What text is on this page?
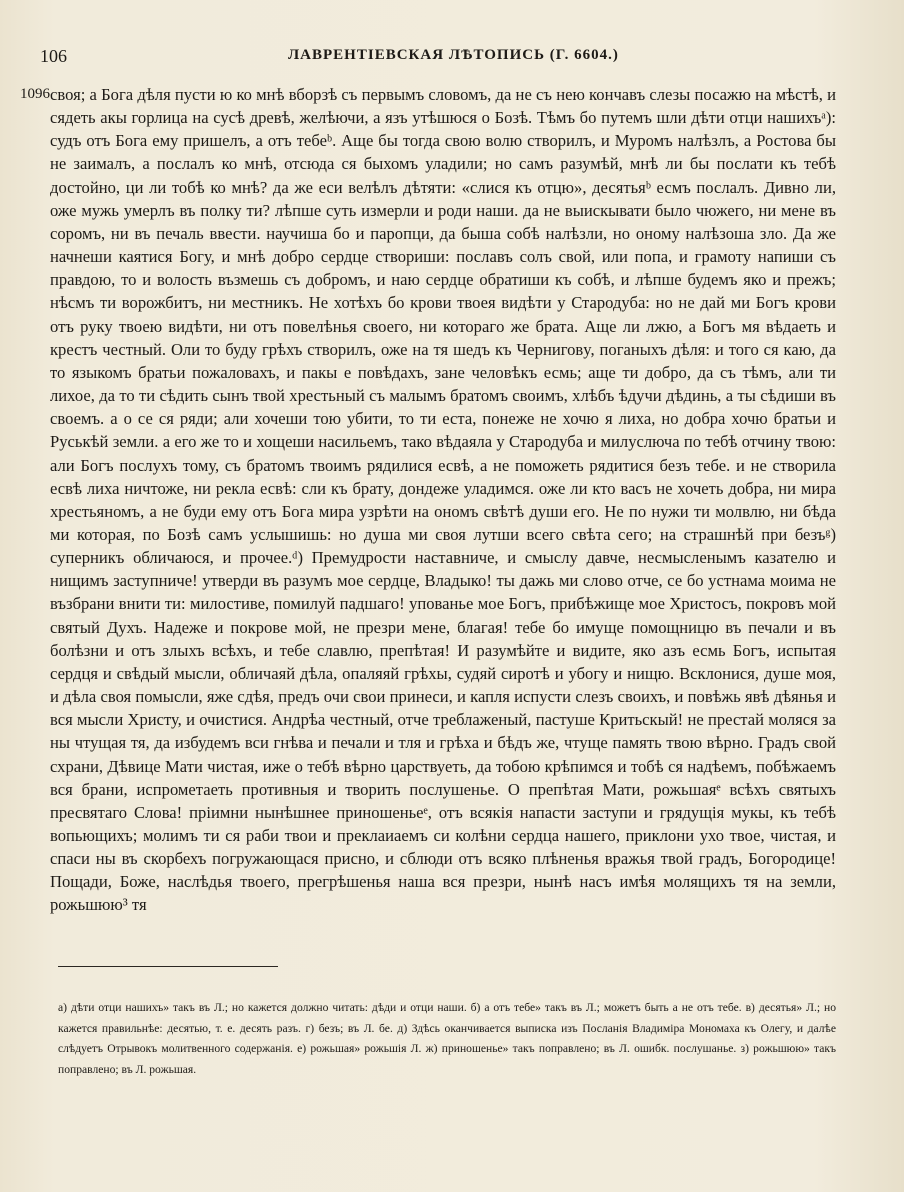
106	ЛАВРЕНТІЕВСКАЯ ЛѢТОПИСЬ (Г. 6604.)
1096 своя; а Бога дѣля пусти ю ко мнѣ вборзѣ съ первымъ словомъ, да не съ нею кончавъ слезы посажю на мѣстѣ, и сядеть акы горлица на сусѣ древѣ, желѣючи, а язъ утѣшюся о Бозѣ. Тѣмъ бо путемъ шли дѣти отци нашихъᵃ): судъ отъ Бога ему пришелъ, а отъ тебеᵇ. Аще бы тогда свою волю створилъ, и Муромъ налѣзлъ, а Ростова бы не заималъ, а послалъ ко мнѣ, отсюда ся быхомъ уладили; но самъ разумѣй, мнѣ ли бы послати къ тебѣ достойно, ци ли тобѣ ко мнѣ? да же еси велѣлъ дѣтяти: «слися къ отцю», десятьяᵇ есмъ послалъ. Дивно ли, оже мужь умерлъ въ полку ти? лѣпше суть измерли и роди наши. да не выискывати было чюжего, ни мене въ соромъ, ни въ печаль ввести. научиша бо и паропци, да быша собѣ налѣзли, но оному налѣзоша зло. Да же начнеши каятися Богу, и мнѣ добро сердце створиши: пославъ солъ свой, или попа, и грамоту напиши съ правдою, то и волость възмешь съ добромъ, и наю сердце обратиши къ собѣ, и лѣпше будемъ яко и прежъ; нѣсмъ ти ворожбитъ, ни местникъ. Не хотѣхъ бо крови твоея видѣти у Стародуба: но не дай ми Богъ крови отъ руку твоею видѣти, ни отъ повелѣнья своего, ни которагo же брата. Аще ли лжю, а Богъ мя вѣдаеть и крестъ честный. Оли то буду грѣхъ створилъ, оже на тя шедъ къ Черниговy, поганыхъ дѣля: и того ся каю, да то языкомъ братьи пожаловахъ, и пакы е повѣдахъ, зане человѣкъ есмь; аще ти добро, да съ тѣмъ, али ти лихое, да то ти сѣдить сынъ твой хрестьный съ малымъ братомъ своимъ, хлѣбъ ѣдучи дѣдинь, а ты сѣдиши въ своемъ. а о се ся ряди; али хочеши тою убити, то ти еста, понеже не хочю я лиха, но добра хочю братьи и Руськѣй земли. а его же то и хощеши насильемъ, тако вѣдаяла у Стародуба и милуслюча по тебѣ отчину твою: али Богъ послухъ тому, съ братомъ твоимъ рядилися есвѣ, а не поможеть рядитися безъ тебе. и не створила есвѣ лиха ничтоже, ни рекла есвѣ: сли къ брату, дондеже уладимся. оже ли кто васъ не хочеть добра, ни мира хрестьяномъ, а не буди ему отъ Бога мира узрѣти на ономъ свѣтѣ души его. Не по нужи ти молвлю, ни бѣда ми которая, по Бозѣ самъ услышишь: но душа ми своя лутши всего свѣта сего; на страшнѣй при безъᵍ) суперникъ обличаюся, и прочее.ᵈ) Премудрости наставниче, и смыслу давче, несмысленымъ казателю и нищимъ заступниче! утверди въ разумъ мое сердце, Владыко! ты дажь ми слово отче, се бо устнама моима не възбрани внити ти: милостиве, помилуй падшаго! упованье мое Богъ, прибѣжище мое Христосъ, покровъ мой святый Духъ. Надеже и покрове мой, не презри мене, благая! тебе бо имуще помощницю въ печали и въ болѣзни и отъ злыхъ всѣхъ, и тебе славлю, препѣтая! И разумѣйте и видите, яко азъ есмь Богъ, испытая сердця и свѣдый мысли, обличаяй дѣла, опаляяй грѣхы, судяй сиротѣ и убогу и нищю. Всклонися, душе моя, и дѣла своя помысли, яже сдѣя, предъ очи свои принеси, и капля испусти слезъ своихъ, и повѣжь явѣ дѣянья и вся мысли Христу, и очистися. Андрѣа честный, отче треблаженый, пастуше Критьскый! не престай моляся за ны чтущая тя, да избудемъ вси гнѣва и печали и тля и грѣха и бѣдъ же, чтуще память твою вѣрно. Градъ свой схрани, Дѣвице Мати чистая, иже о тебѣ вѣрно царствуеть, да тобою крѣпимся и тобѣ ся надѣемъ, побѣжаемъ вся брани, испрометаеть противныя и творить послушенье. О препѣтая Мати, рожьшаяᵉ всѣхъ святыхъ пресвятаго Слова! прiимни нынѣшнее приношеньеᵉ, отъ всякiя напасти заступи и грядущія мукы, къ тебѣ вопьющихъ; молимъ ти ся раби твои и преклаиаемъ си колѣни сердца нашего, приклони ухо твое, чистая, и спаси ны въ скорбехъ погружающася присно, и сблюди отъ всяко плѣненья вражья твой градъ, Богородице! Пощади, Боже, наслѣдья твоего, прегрѣшенья наша вся презри, нынѣ насъ имѣя молящихъ тя на земли, рожьшюю³ тя

а) дѣти отци нашихъ» такъ въ Л.; но кажется должно читать: дѣди и отци наши. б) а отъ тебе» такъ въ Л.; можетъ быть а не отъ тебе. в) десятья» Л.; но кажется правильнѣе: десятью, т. е. десять разъ. г) безъ; въ Л. бе. д) Здѣсь оканчивается выписка изъ Посланія Владиміра Мономаха къ Олегу, и далѣе слѣдуетъ Отрывокъ молитвенного содержанія. е) рожьшая» рожьшія Л. ж) приношенье» такъ поправлено; въ Л. ошибк. послушанье. з) рожьшюю» такъ поправлено; въ Л. рожьшая.
